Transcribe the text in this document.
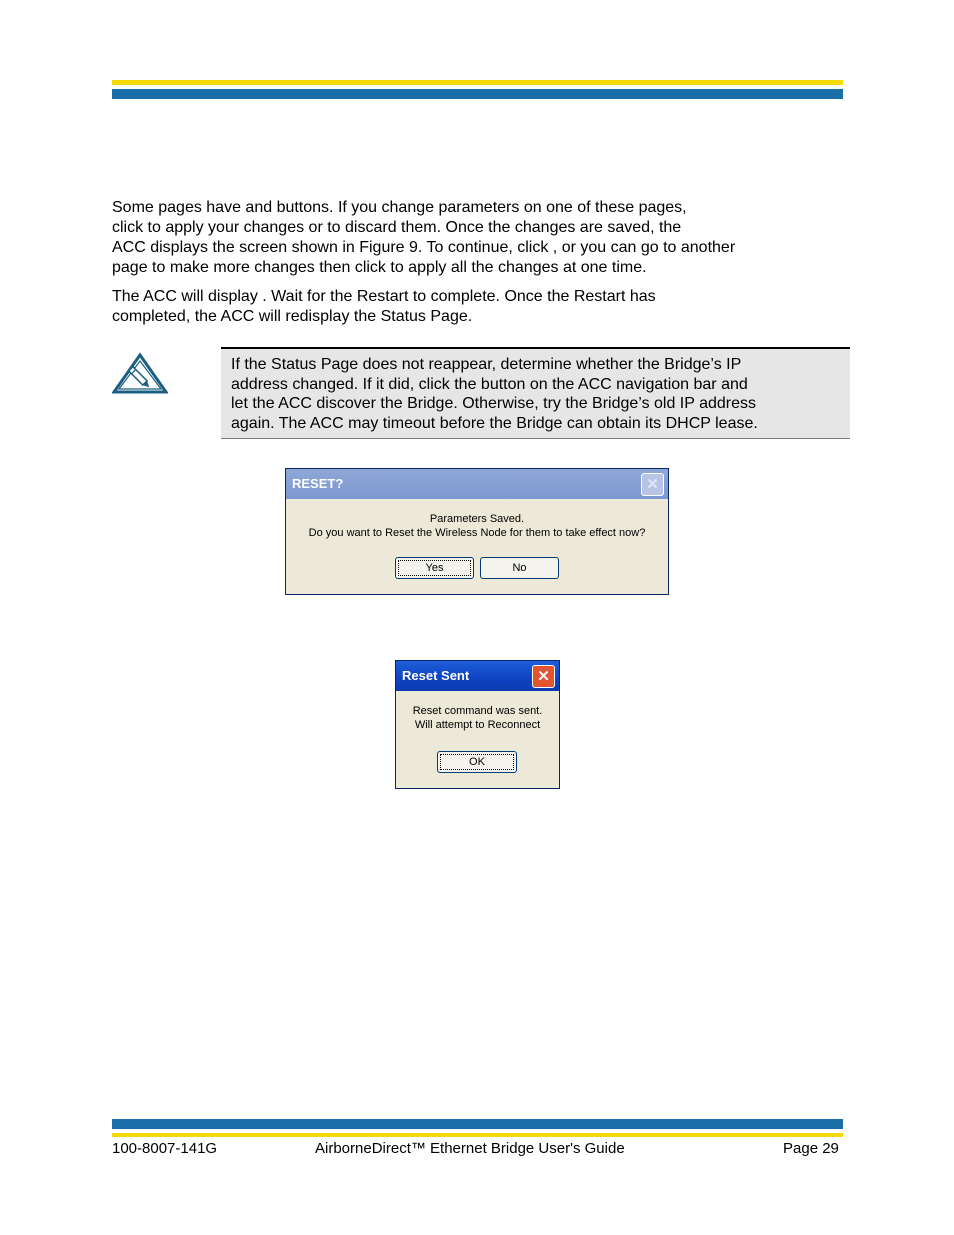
Some pages have and buttons. If you change parameters on one of these pages,
click to apply your changes or to discard them. Once the changes are saved, the
ACC displays the screen shown in Figure 9. To continue, click , or you can go to another
page to make more changes then click to apply all the changes at one time.
The ACC will display . Wait for the Restart to complete. Once the Restart has
completed, the ACC will redisplay the Status Page.
If the Status Page does not reappear, determine whether the Bridge’s IP
address changed. If it did, click the button on the ACC navigation bar and
let the ACC discover the Bridge. Otherwise, try the Bridge’s old IP address
again. The ACC may timeout before the Bridge can obtain its DHCP lease.
RESET?	✕
Parameters Saved.
Do you want to Reset the Wireless Node for them to take effect now?
Yes	No
Reset Sent	✕
Reset command was sent.
Will attempt to Reconnect
OK
100-8007-141G	AirborneDirect™ Ethernet Bridge User's Guide	Page 29
